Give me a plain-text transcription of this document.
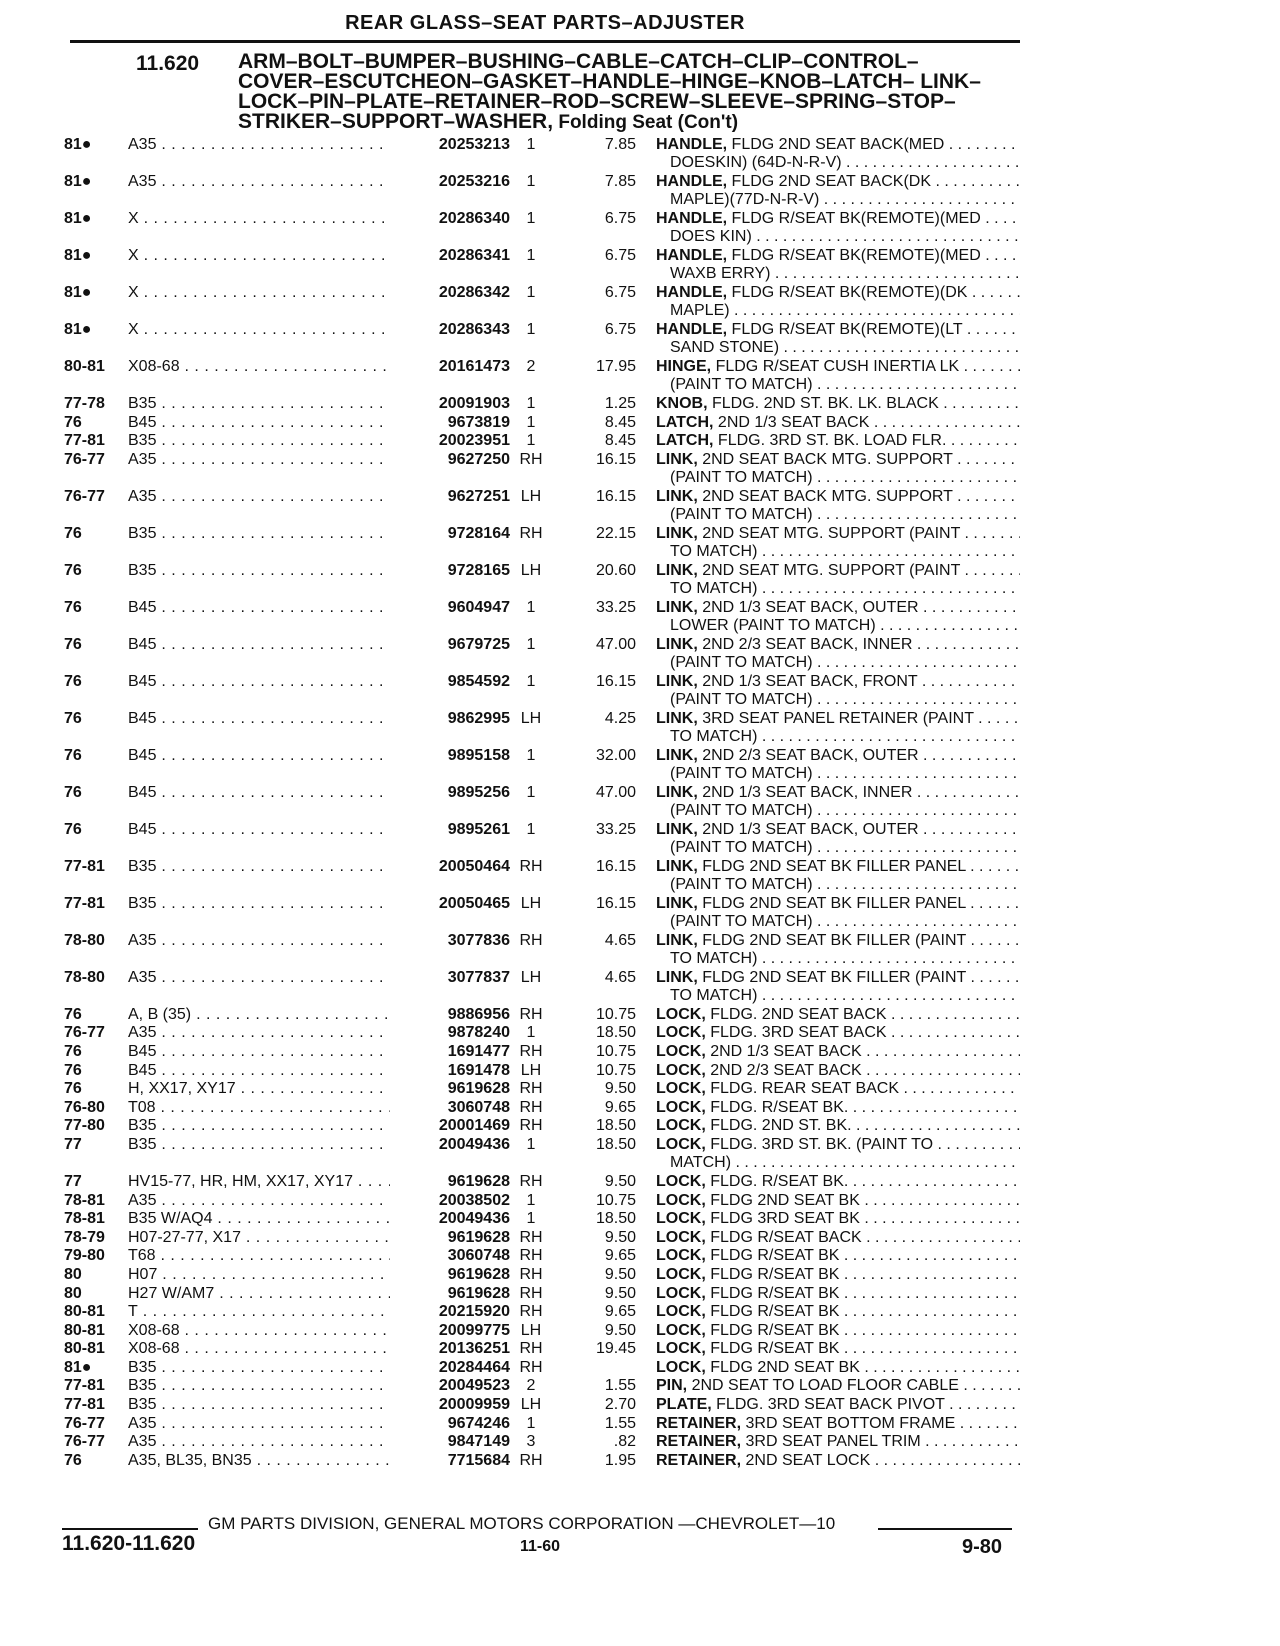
REAR GLASS–SEAT PARTS–ADJUSTER
11.620 ARM–BOLT–BUMPER–BUSHING–CABLE–CATCH–CLIP–CONTROL–
COVER–ESCUTCHEON–GASKET–HANDLE–HINGE–KNOB–LATCH– LINK–
LOCK–PIN–PLATE–RETAINER–ROD–SCREW–SLEEVE–SPRING–STOP–
STRIKER–SUPPORT–WASHER, Folding Seat (Con't)
81●	A35 . . .	20253213	1	7.85 HANDLE, FLDG 2ND SEAT BACK(MED . . .
DOESKIN) (64D-N-R-V) . . .
81●	A35 . . .	20253216	1	7.85 HANDLE, FLDG 2ND SEAT BACK(DK . . .
MAPLE)(77D-N-R-V) . . .
81●	X . . .	20286340	1	6.75 HANDLE, FLDG R/SEAT BK(REMOTE)(MED . . .
DOES KIN) . . .
81●	X . . .	20286341	1	6.75 HANDLE, FLDG R/SEAT BK(REMOTE)(MED . . .
WAXB ERRY) . . .
81●	X . . .	20286342	1	6.75 HANDLE, FLDG R/SEAT BK(REMOTE)(DK . . .
MAPLE) . . .
81●	X . . .	20286343	1	6.75 HANDLE, FLDG R/SEAT BK(REMOTE)(LT . . .
SAND STONE) . . .
80-81	X08-68 . . .	20161473	2	17.95 HINGE, FLDG R/SEAT CUSH INERTIA LK . . .
(PAINT TO MATCH) . . .
77-78	B35 . . .	20091903	1	1.25 KNOB, FLDG. 2ND ST. BK. LK. BLACK . . .
76	B45 . . .	9673819	1	8.45 LATCH, 2ND 1/3 SEAT BACK . . .
77-81	B35 . . .	20023951	1	8.45 LATCH, FLDG. 3RD ST. BK. LOAD FLR. . . .
76-77	A35 . . .	9627250 RH	16.15 LINK, 2ND SEAT BACK MTG. SUPPORT . . .
(PAINT TO MATCH) . . .
76-77	A35 . . .	9627251 LH	16.15 LINK, 2ND SEAT BACK MTG. SUPPORT . . .
(PAINT TO MATCH) . . .
76	B35 . . .	9728164 RH	22.15 LINK, 2ND SEAT MTG. SUPPORT (PAINT . . .
TO MATCH) . . .
76	B35 . . .	9728165 LH	20.60 LINK, 2ND SEAT MTG. SUPPORT (PAINT . . .
TO MATCH) . . .
76	B45 . . .	9604947	1	33.25 LINK, 2ND 1/3 SEAT BACK, OUTER . . .
LOWER (PAINT TO MATCH) . . .
76	B45 . . .	9679725	1	47.00 LINK, 2ND 2/3 SEAT BACK, INNER . . .
(PAINT TO MATCH) . . .
76	B45 . . .	9854592	1	16.15 LINK, 2ND 1/3 SEAT BACK, FRONT . . .
(PAINT TO MATCH) . . .
76	B45 . . .	9862995 LH	4.25 LINK, 3RD SEAT PANEL RETAINER (PAINT . . .
TO MATCH) . . .
76	B45 . . .	9895158	1	32.00 LINK, 2ND 2/3 SEAT BACK, OUTER . . .
(PAINT TO MATCH) . . .
76	B45 . . .	9895256	1	47.00 LINK, 2ND 1/3 SEAT BACK, INNER . . .
(PAINT TO MATCH) . . .
76	B45 . . .	9895261	1	33.25 LINK, 2ND 1/3 SEAT BACK, OUTER . . .
(PAINT TO MATCH) . . .
77-81	B35 . . .	20050464 RH	16.15 LINK, FLDG 2ND SEAT BK FILLER PANEL . . .
(PAINT TO MATCH) . . .
77-81	B35 . . .	20050465 LH	16.15 LINK, FLDG 2ND SEAT BK FILLER PANEL . . .
(PAINT TO MATCH) . . .
78-80	A35 . . .	3077836 RH	4.65 LINK, FLDG 2ND SEAT BK FILLER (PAINT . . .
TO MATCH) . . .
78-80	A35 . . .	3077837 LH	4.65 LINK, FLDG 2ND SEAT BK FILLER (PAINT . . .
TO MATCH) . . .
76	A, B (35) . . .	9886956 RH	10.75 LOCK, FLDG. 2ND SEAT BACK . . .
76-77	A35 . . .	9878240	1	18.50 LOCK, FLDG. 3RD SEAT BACK . . .
76	B45 . . .	1691477 RH	10.75 LOCK, 2ND 1/3 SEAT BACK . . .
76	B45 . . .	1691478 LH	10.75 LOCK, 2ND 2/3 SEAT BACK . . .
76	H, XX17, XY17 . . .	9619628 RH	9.50 LOCK, FLDG. REAR SEAT BACK . . .
76-80	T08 . . .	3060748 RH	9.65 LOCK, FLDG. R/SEAT BK. . . .
77-80	B35 . . .	20001469 RH	18.50 LOCK, FLDG. 2ND ST. BK. . . .
77	B35 . . .	20049436	1	18.50 LOCK, FLDG. 3RD ST. BK. (PAINT TO . . .
MATCH) . . .
77	HV15-77, HR, HM, XX17, XY17 . . .	9619628 RH	9.50 LOCK, FLDG. R/SEAT BK. . . .
78-81	A35 . . .	20038502	1	10.75 LOCK, FLDG 2ND SEAT BK . . .
78-81	B35 W/AQ4 . . .	20049436	1	18.50 LOCK, FLDG 3RD SEAT BK . . .
78-79	H07-27-77, X17 . . .	9619628 RH	9.50 LOCK, FLDG R/SEAT BACK . . .
79-80	T68 . . .	3060748 RH	9.65 LOCK, FLDG R/SEAT BK . . .
80	H07 . . .	9619628 RH	9.50 LOCK, FLDG R/SEAT BK . . .
80	H27 W/AM7 . . .	9619628 RH	9.50 LOCK, FLDG R/SEAT BK . . .
80-81	T . . .	20215920 RH	9.65 LOCK, FLDG R/SEAT BK . . .
80-81	X08-68 . . .	20099775 LH	9.50 LOCK, FLDG R/SEAT BK . . .
80-81	X08-68 . . .	20136251 RH	19.45 LOCK, FLDG R/SEAT BK . . .
81●	B35 . . .	20284464 RH	LOCK, FLDG 2ND SEAT BK . . .
77-81	B35 . . .	20049523	2	1.55 PIN, 2ND SEAT TO LOAD FLOOR CABLE . . .
77-81	B35 . . .	20009959 LH	2.70 PLATE, FLDG. 3RD SEAT BACK PIVOT . . .
76-77	A35 . . .	9674246	1	1.55 RETAINER, 3RD SEAT BOTTOM FRAME . . .
76-77	A35 . . .	9847149	3	.82 RETAINER, 3RD SEAT PANEL TRIM . . .
76	A35, BL35, BN35 . . .	7715684 RH	1.95 RETAINER, 2ND SEAT LOCK . . .
GM PARTS DIVISION, GENERAL MOTORS CORPORATION —CHEVROLET—10
11.620-11.620	11-60	9-80
